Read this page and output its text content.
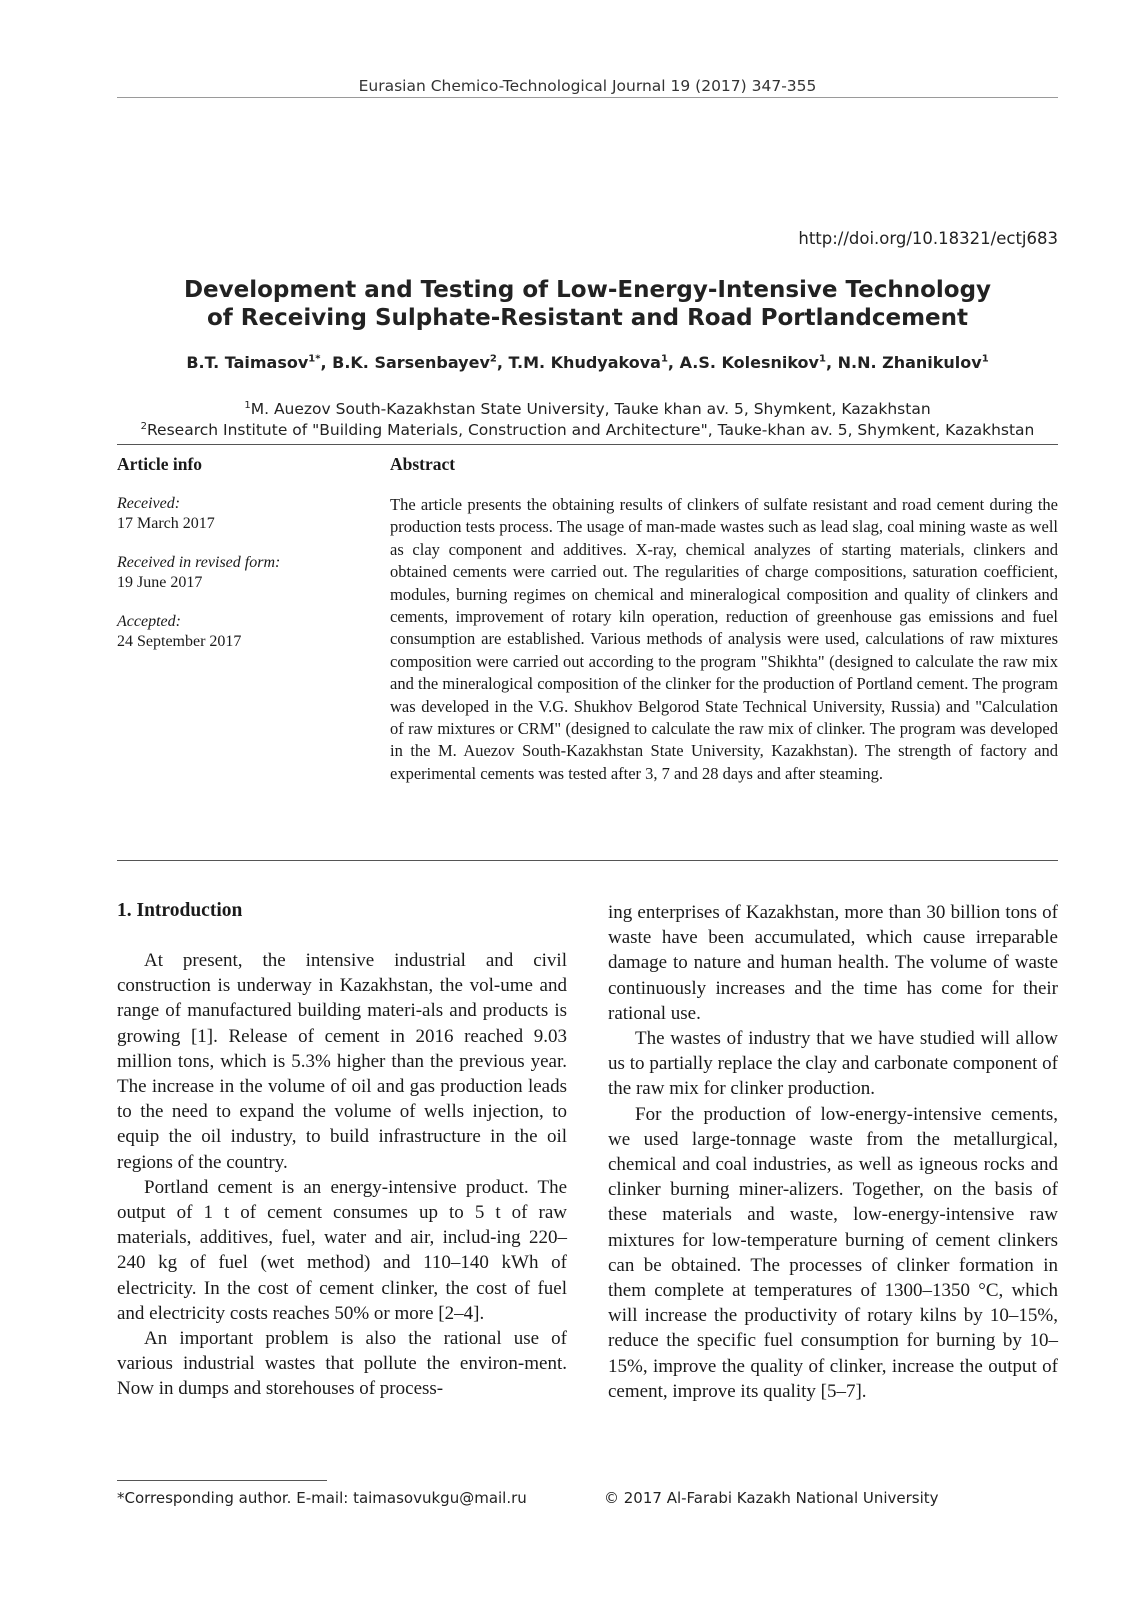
Eurasian Chemico-Technological Journal 19 (2017) 347-355
http://doi.org/10.18321/ectj683
Development and Testing of Low-Energy-Intensive Technology
of Receiving Sulphate-Resistant and Road Portlandcement
B.T. Taimasov$^{1*}$, B.K. Sarsenbayev$^2$, T.M. Khudyakova$^1$, A.S. Kolesnikov$^1$, N.N. Zhanikulov$^1$
$^1$M. Auezov South-Kazakhstan State University, Tauke khan av. 5, Shymkent, Kazakhstan
$^2$Research Institute of "Building Materials, Construction and Architecture", Tauke-khan av. 5, Shymkent, Kazakhstan
Article info	Abstract
Received:
17 March 2017
Received in revised form:
19 June 2017
Accepted:
24 September 2017
The article presents the obtaining results of clinkers of sulfate resistant and road cement during the production tests process. The usage of man-made wastes such as lead slag, coal mining waste as well as clay component and additives. X-ray, chemical analyzes of starting materials, clinkers and obtained cements were carried out. The regularities of charge compositions, saturation coefficient, modules, burning regimes on chemical and mineralogical composition and quality of clinkers and cements, improvement of rotary kiln operation, reduction of greenhouse gas emissions and fuel consumption are established. Various methods of analysis were used, calculations of raw mixtures composition were carried out according to the program "Shikhta" (designed to calculate the raw mix and the mineralogical composition of the clinker for the production of Portland cement. The program was developed in the V.G. Shukhov Belgorod State Technical University, Russia) and "Calculation of raw mixtures or CRM" (designed to calculate the raw mix of clinker. The program was developed in the M. Auezov South-Kazakhstan State University, Kazakhstan). The strength of factory and experimental cements was tested after 3, 7 and 28 days and after steaming.
1. Introduction

At present, the intensive industrial and civil construction is underway in Kazakhstan, the vol-ume and range of manufactured building materi-als and products is growing [1]. Release of cement in 2016 reached 9.03 million tons, which is 5.3% higher than the previous year. The increase in the volume of oil and gas production leads to the need to expand the volume of wells injection, to equip the oil industry, to build infrastructure in the oil regions of the country.

Portland cement is an energy-intensive product. The output of 1 t of cement consumes up to 5 t of raw materials, additives, fuel, water and air, includ-ing 220–240 kg of fuel (wet method) and 110–140 kWh of electricity. In the cost of cement clinker, the cost of fuel and electricity costs reaches 50% or more [2–4].

An important problem is also the rational use of various industrial wastes that pollute the environ-ment. Now in dumps and storehouses of process-

ing enterprises of Kazakhstan, more than 30 billion tons of waste have been accumulated, which cause irreparable damage to nature and human health. The volume of waste continuously increases and the time has come for their rational use.

The wastes of industry that we have studied will allow us to partially replace the clay and carbonate component of the raw mix for clinker production.

For the production of low-energy-intensive cements, we used large-tonnage waste from the metallurgical, chemical and coal industries, as well as igneous rocks and clinker burning miner-alizers. Together, on the basis of these materials and waste, low-energy-intensive raw mixtures for low-temperature burning of cement clinkers can be obtained. The processes of clinker formation in them complete at temperatures of 1300–1350 °C, which will increase the productivity of rotary kilns by 10–15%, reduce the specific fuel consumption for burning by 10–15%, improve the quality of clinker, increase the output of cement, improve its quality [5–7].

*Corresponding author. E-mail: taimasovukgu@mail.ru	© 2017 Al-Farabi Kazakh National University
